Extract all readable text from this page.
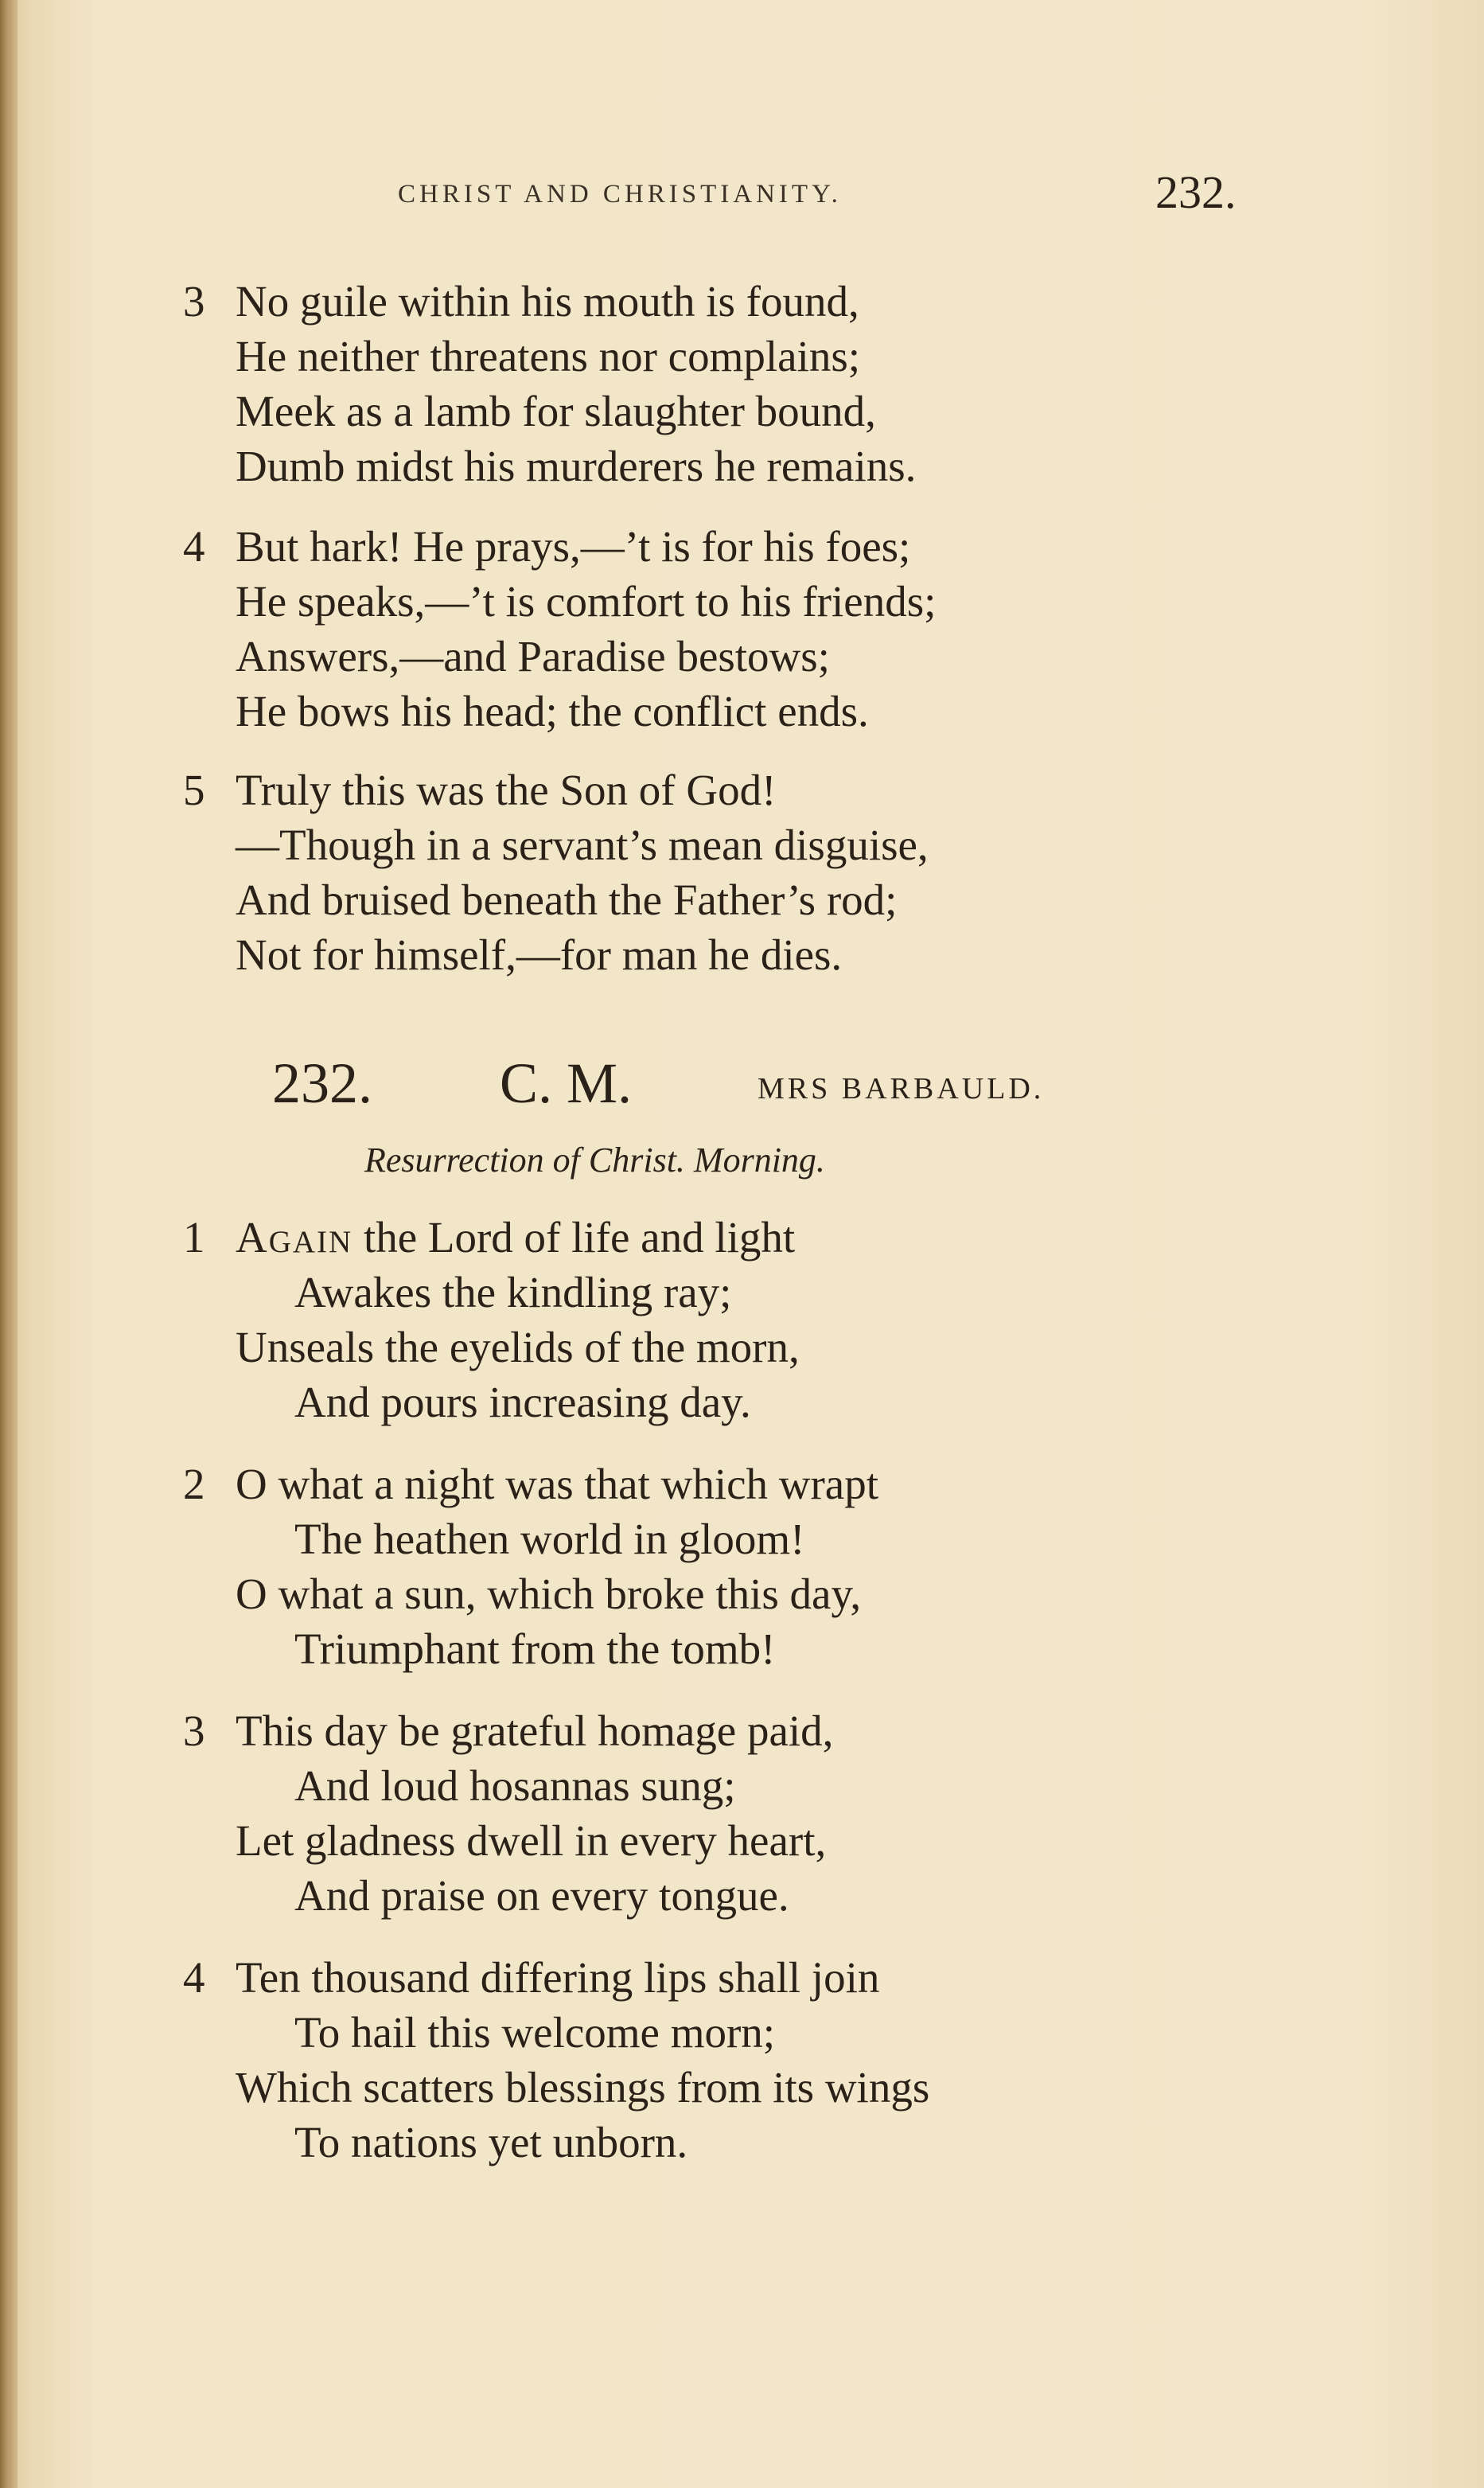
CHRIST AND CHRISTIANITY.	232.
3 No guile within his mouth is found,
He neither threatens nor complains;
Meek as a lamb for slaughter bound,
Dumb midst his murderers he remains.
4 But hark! He prays,—’t is for his foes;
He speaks,—’t is comfort to his friends;
Answers,—and Paradise bestows;
He bows his head; the conflict ends.
5 Truly this was the Son of God!
—Though in a servant’s mean disguise,
And bruised beneath the Father’s rod;
Not for himself,—for man he dies.
232. C. M.	MRS BARBAULD.
Resurrection of Christ. Morning.
1 Again the Lord of life and light
Awakes the kindling ray;
Unseals the eyelids of the morn,
And pours increasing day.
2 O what a night was that which wrapt
The heathen world in gloom!
O what a sun, which broke this day,
Triumphant from the tomb!
3 This day be grateful homage paid,
And loud hosannas sung;
Let gladness dwell in every heart,
And praise on every tongue.
4 Ten thousand differing lips shall join
To hail this welcome morn;
Which scatters blessings from its wings
To nations yet unborn.
